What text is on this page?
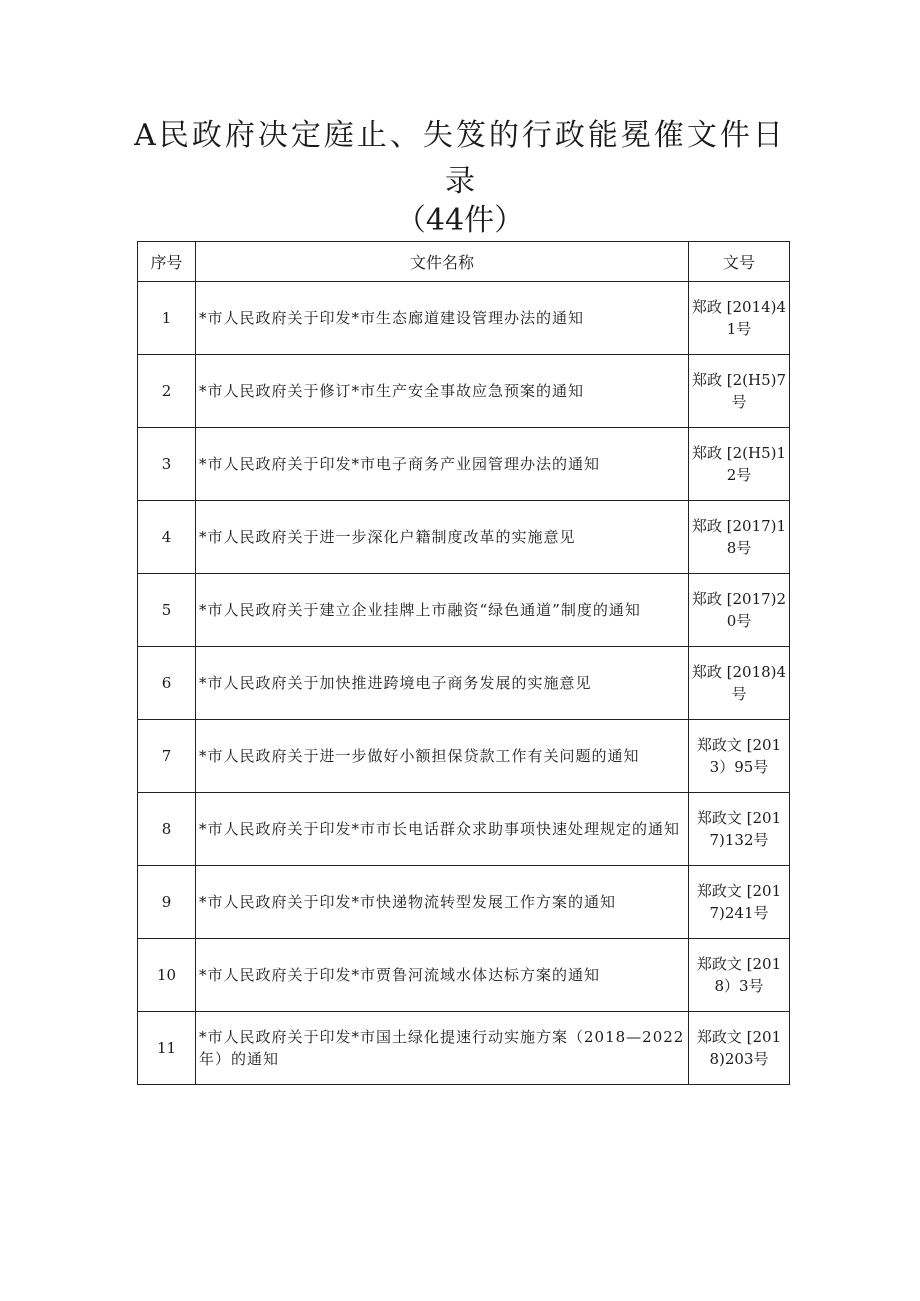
A民政府决定庭止、失笈的行政能冕傕文件日
录
（44件）
序号	文件名称	文号
1	*市人民政府关于印发*市生态廊道建设管理办法的通知	郑政 [2014)41号

2	*市人民政府关于修订*市生产安全事故应急预案的通知	郑政 [2(H5)7号

3	*市人民政府关于印发*市电子商务产业园管理办法的通知	郑政 [2(H5)12号

4	*市人民政府关于进一步深化户籍制度改革的实施意见	郑政 [2017)18号

5	*市人民政府关于建立企业挂牌上市融资“绿色通道”制度的通知	郑政 [2017)20号

6	*市人民政府关于加快推进跨境电子商务发展的实施意见	郑政 [2018)4号

7	*市人民政府关于进一步做好小额担保贷款工作有关问题的通知	郑政文 [2013）95号

8	*市人民政府关于印发*市市长电话群众求助事项快速处理规定的通知	郑政文 [2017)132号

9	*市人民政府关于印发*市快递物流转型发展工作方案的通知	郑政文 [2017)241号

10	*市人民政府关于印发*市贾鲁河流域水体达标方案的通知	郑政文 [2018）3号

11	*市人民政府关于印发*市国土绿化提速行动实施方案（2018—2022年）的通知	郑政文 [2018)203号
